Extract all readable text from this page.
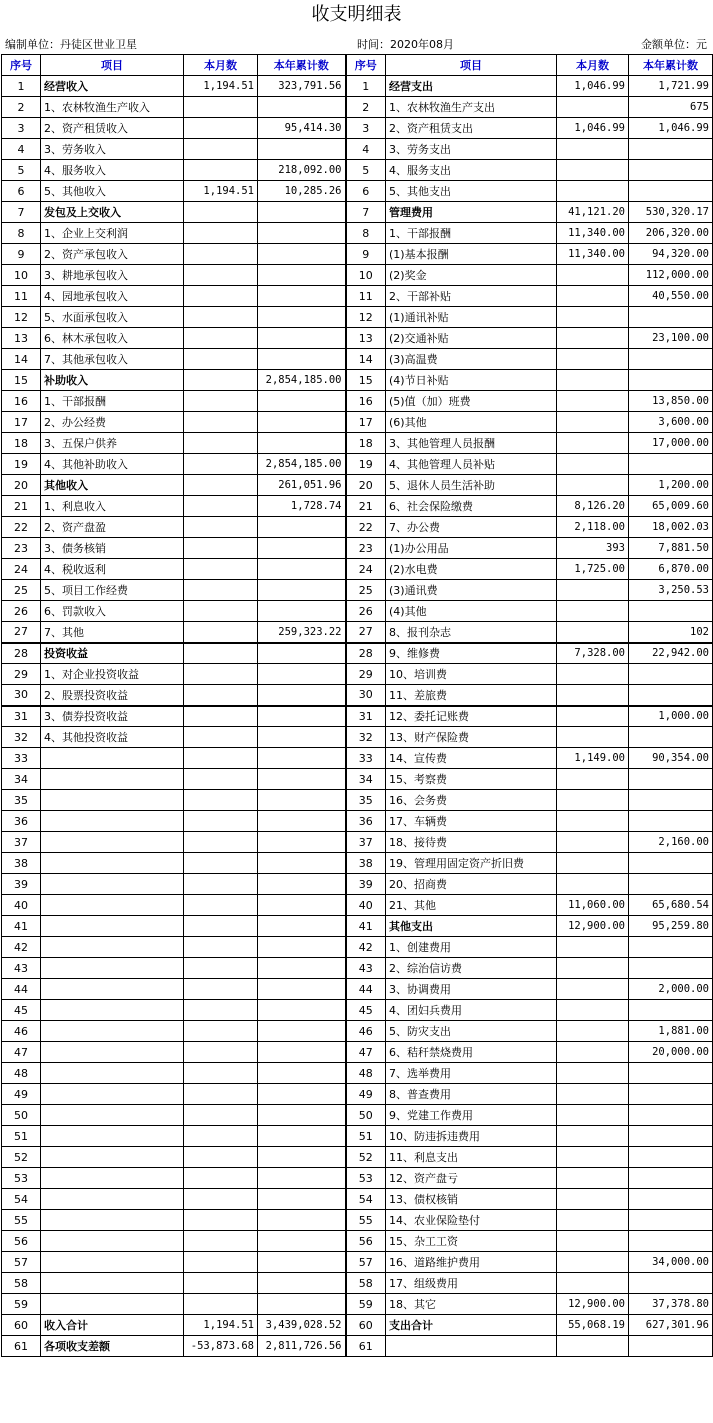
收支明细表
编制单位：丹徒区世业卫星	时间：2020年08月	金额单位：元
序号	项目	本月数	本年累计数	序号	项目	本月数	本年累计数
1	经营收入	1,194.51	323,791.56	1	经营支出	1,046.99	1,721.99
2	1、农林牧渔生产收入			2	1、农林牧渔生产支出		675
3	2、资产租赁收入		95,414.30	3	2、资产租赁支出	1,046.99	1,046.99
4	3、劳务收入			4	3、劳务支出		
5	4、服务收入		218,092.00	5	4、服务支出		
6	5、其他收入	1,194.51	10,285.26	6	5、其他支出		
7	发包及上交收入			7	管理费用	41,121.20	530,320.17
8	1、企业上交利润			8	1、干部报酬	11,340.00	206,320.00
9	2、资产承包收入			9	(1)基本报酬	11,340.00	94,320.00
10	3、耕地承包收入			10	(2)奖金		112,000.00
11	4、园地承包收入			11	2、干部补贴		40,550.00
12	5、水面承包收入			12	(1)通讯补贴		
13	6、林木承包收入			13	(2)交通补贴		23,100.00
14	7、其他承包收入			14	(3)高温费		
15	补助收入		2,854,185.00	15	(4)节日补贴		
16	1、干部报酬			16	(5)值（加）班费		13,850.00
17	2、办公经费			17	(6)其他		3,600.00
18	3、五保户供养			18	3、其他管理人员报酬		17,000.00
19	4、其他补助收入		2,854,185.00	19	4、其他管理人员补贴		
20	其他收入		261,051.96	20	5、退休人员生活补助		1,200.00
21	1、利息收入		1,728.74	21	6、社会保险缴费	8,126.20	65,009.60
22	2、资产盘盈			22	7、办公费	2,118.00	18,002.03
23	3、债务核销			23	(1)办公用品	393	7,881.50
24	4、税收返利			24	(2)水电费	1,725.00	6,870.00
25	5、项目工作经费			25	(3)通讯费		3,250.53
26	6、罚款收入			26	(4)其他		
27	7、其他		259,323.22	27	8、报刊杂志		102
28	投资收益			28	9、维修费	7,328.00	22,942.00
29	1、对企业投资收益			29	10、培训费		
30	2、股票投资收益			30	11、差旅费		
31	3、债券投资收益			31	12、委托记账费		1,000.00
32	4、其他投资收益			32	13、财产保险费		
33				33	14、宣传费	1,149.00	90,354.00
34				34	15、考察费		
35				35	16、会务费		
36				36	17、车辆费		
37				37	18、接待费		2,160.00
38				38	19、管理用固定资产折旧费		
39				39	20、招商费		
40				40	21、其他	11,060.00	65,680.54
41				41	其他支出	12,900.00	95,259.80
42				42	1、创建费用		
43				43	2、综治信访费		
44				44	3、协调费用		2,000.00
45				45	4、团妇兵费用		
46				46	5、防灾支出		1,881.00
47				47	6、秸秆禁烧费用		20,000.00
48				48	7、选举费用		
49				49	8、普查费用		
50				50	9、党建工作费用		
51				51	10、防违拆违费用		
52				52	11、利息支出		
53				53	12、资产盘亏		
54				54	13、债权核销		
55				55	14、农业保险垫付		
56				56	15、杂工工资		
57				57	16、道路维护费用		34,000.00
58				58	17、组级费用		
59				59	18、其它	12,900.00	37,378.80
60	收入合计	1,194.51	3,439,028.52	60	支出合计	55,068.19	627,301.96
61	各项收支差额	-53,873.68	2,811,726.56	61			
